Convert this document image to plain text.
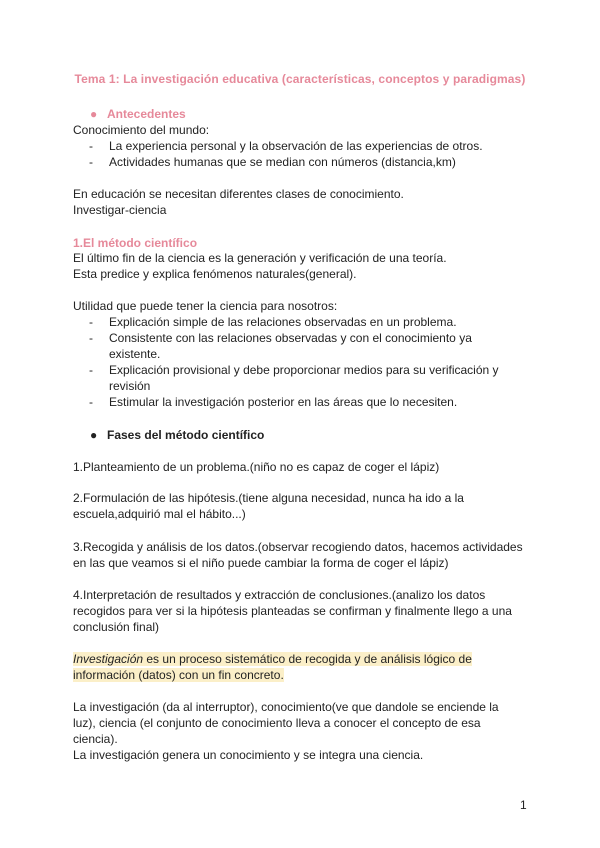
Tema 1: La investigación educativa (características, conceptos y paradigmas)
● Antecedentes
Conocimiento del mundo:
- La experiencia personal y la observación de las experiencias de otros.
- Actividades humanas que se median con números (distancia,km)
En educación se necesitan diferentes clases de conocimiento.
Investigar-ciencia
1.El método científico
El último fin de la ciencia es la generación y verificación de una teoría.
Esta predice y explica fenómenos naturales(general).
Utilidad que puede tener la ciencia para nosotros:
- Explicación simple de las relaciones observadas en un problema.
- Consistente con las relaciones observadas y con el conocimiento ya
existente.
- Explicación provisional y debe proporcionar medios para su verificación y
revisión
- Estimular la investigación posterior en las áreas que lo necesiten.
● Fases del método científico
1.Planteamiento de un problema.(niño no es capaz de coger el lápiz)
2.Formulación de las hipótesis.(tiene alguna necesidad, nunca ha ido a la
escuela,adquirió mal el hábito...)
3.Recogida y análisis de los datos.(observar recogiendo datos, hacemos actividades
en las que veamos si el niño puede cambiar la forma de coger el lápiz)
4.Interpretación de resultados y extracción de conclusiones.(analizo los datos
recogidos para ver si la hipótesis planteadas se confirman y finalmente llego a una
conclusión final)
Investigación es un proceso sistemático de recogida y de análisis lógico de
información (datos) con un fin concreto.
La investigación (da al interruptor), conocimiento(ve que dandole se enciende la
luz), ciencia (el conjunto de conocimiento lleva a conocer el concepto de esa
ciencia).
La investigación genera un conocimiento y se integra una ciencia.
1
